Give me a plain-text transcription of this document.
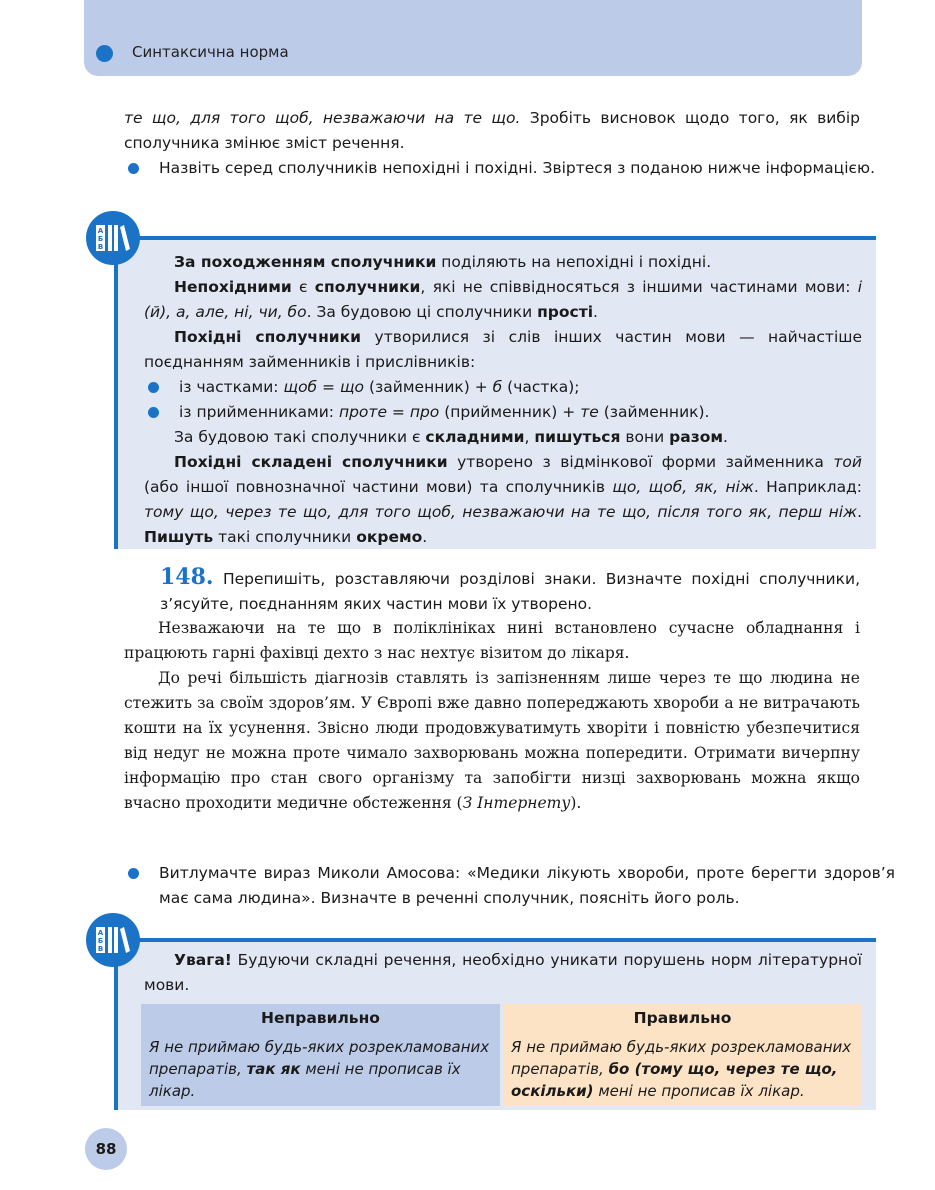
Синтаксична норма

те що, для того щоб, незважаючи на те що. Зробіть висновок щодо того, як вибір сполучника змінює зміст речення.

Назвіть серед сполучників непохідні і похідні. Звіртеся з поданою нижче інформацією.

За походженням сполучники поділяють на непохідні і похідні.

Непохідними є сполучники, які не співвідносяться з іншими частинами мови: і (й), а, але, ні, чи, бо. За будовою ці сполучники прості.

Похідні сполучники утворилися зі слів інших частин мови — найчастіше поєднанням займенників і прислівників:

із частками: щоб = що (займенник) + б (частка);

із прийменниками: проте = про (прийменник) + те (займенник).

За будовою такі сполучники є складними, пишуться вони разом.

Похідні складені сполучники утворено з відмінкової форми займенника той (або іншої повнозначної частини мови) та сполучників що, щоб, як, ніж. Наприклад: тому що, через те що, для того щоб, незважаючи на те що, після того як, перш ніж. Пишуть такі сполучники окремо.

А
Б
В

148. Перепишіть, розставляючи розділові знаки. Визначте похідні сполучники, з’ясуйте, поєднанням яких частин мови їх утворено.

Незважаючи на те що в поліклініках нині встановлено сучасне обладнання і працюють гарні фахівці дехто з нас нехтує візитом до лікаря.

До речі більшість діагнозів ставлять із запізненням лише через те що людина не стежить за своїм здоров’ям. У Європі вже давно попереджають хвороби а не витрачають кошти на їх усунення. Звісно люди продовжуватимуть хворіти і повністю убезпечитися від недуг не можна проте чимало захворювань можна попередити. Отримати вичерпну інформацію про стан свого організму та запобігти низці захворювань можна якщо вчасно проходити медичне обстеження (З Інтернету).

Витлумачте вираз Миколи Амосова: «Медики лікують хвороби, проте берегти здоров’я має сама людина». Визначте в реченні сполучник, поясніть його роль.

Увага! Будуючи складні речення, необхідно уникати порушень норм літературної мови.

Неправильно	Правильно
Я не приймаю будь-яких розрекламованих препаратів, так як мені не прописав їх лікар.	Я не приймаю будь-яких розрекламованих препаратів, бо (тому що, через те що, оскільки) мені не прописав їх лікар.
А
Б
В
88
